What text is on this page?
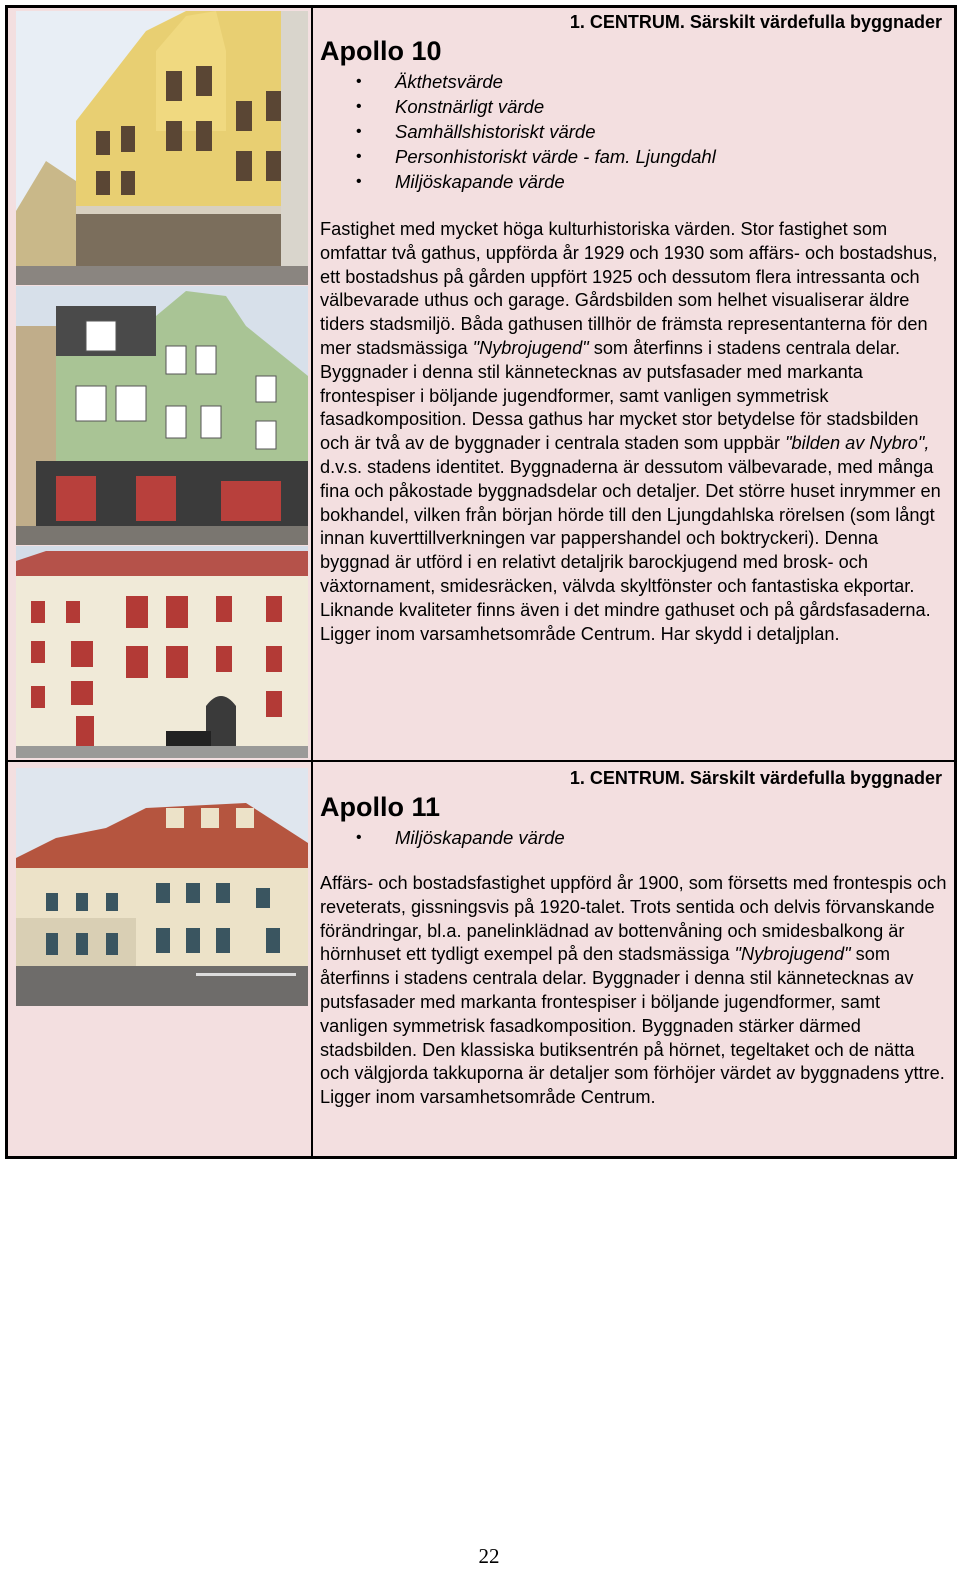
1. CENTRUM. Särskilt värdefulla byggnader
Apollo 10
• Äkthetsvärde
• Konstnärligt värde
• Samhällshistoriskt värde
• Personhistoriskt värde - fam. Ljungdahl
• Miljöskapande värde
Fastighet med mycket höga kulturhistoriska värden. Stor fastighet som omfattar två gathus, uppförda år 1929 och 1930 som affärs- och bostadshus, ett bostadshus på gården uppfört 1925 och dessutom flera intressanta och välbevarade uthus och garage. Gårdsbilden som helhet visualiserar äldre tiders stadsmiljö. Båda gathusen tillhör de främsta representanterna för den mer stadsmässiga "Nybrojugend" som återfinns i stadens centrala delar. Byggnader i denna stil kännetecknas av putsfasader med markanta frontespiser i böljande jugendformer, samt vanligen symmetrisk fasadkomposition. Dessa gathus har mycket stor betydelse för stadsbilden och är två av de byggnader i centrala staden som uppbär "bilden av Nybro", d.v.s. stadens identitet. Byggnaderna är dessutom välbevarade, med många fina och påkostade byggnadsdelar och detaljer. Det större huset inrymmer en bokhandel, vilken från början hörde till den Ljungdahlska rörelsen (som långt innan kuverttillverkningen var pappershandel och boktryckeri). Denna byggnad är utförd i en relativt detaljrik barockjugend med brosk- och växtornament, smidesräcken, välvda skyltfönster och fantastiska ekportar. Liknande kvaliteter finns även i det mindre gathuset och på gårdsfasaderna. Ligger inom varsamhetsområde Centrum. Har skydd i detaljplan.
1. CENTRUM. Särskilt värdefulla byggnader
Apollo 11
• Miljöskapande värde
Affärs- och bostadsfastighet uppförd år 1900, som försetts med frontespis och reveterats, gissningsvis på 1920-talet. Trots sentida och delvis förvanskande förändringar, bl.a. panelinklädnad av bottenvåning och smidesbalkong är hörnhuset ett tydligt exempel på den stadsmässiga "Nybrojugend" som återfinns i stadens centrala delar. Byggnader i denna stil kännetecknas av putsfasader med markanta frontespiser i böljande jugendformer, samt vanligen symmetrisk fasadkomposition. Byggnaden stärker därmed stadsbilden. Den klassiska butiksentrén på hörnet, tegeltaket och de nätta och välgjorda takkuporna är detaljer som förhöjer värdet av byggnadens yttre. Ligger inom varsamhetsområde Centrum.
22
